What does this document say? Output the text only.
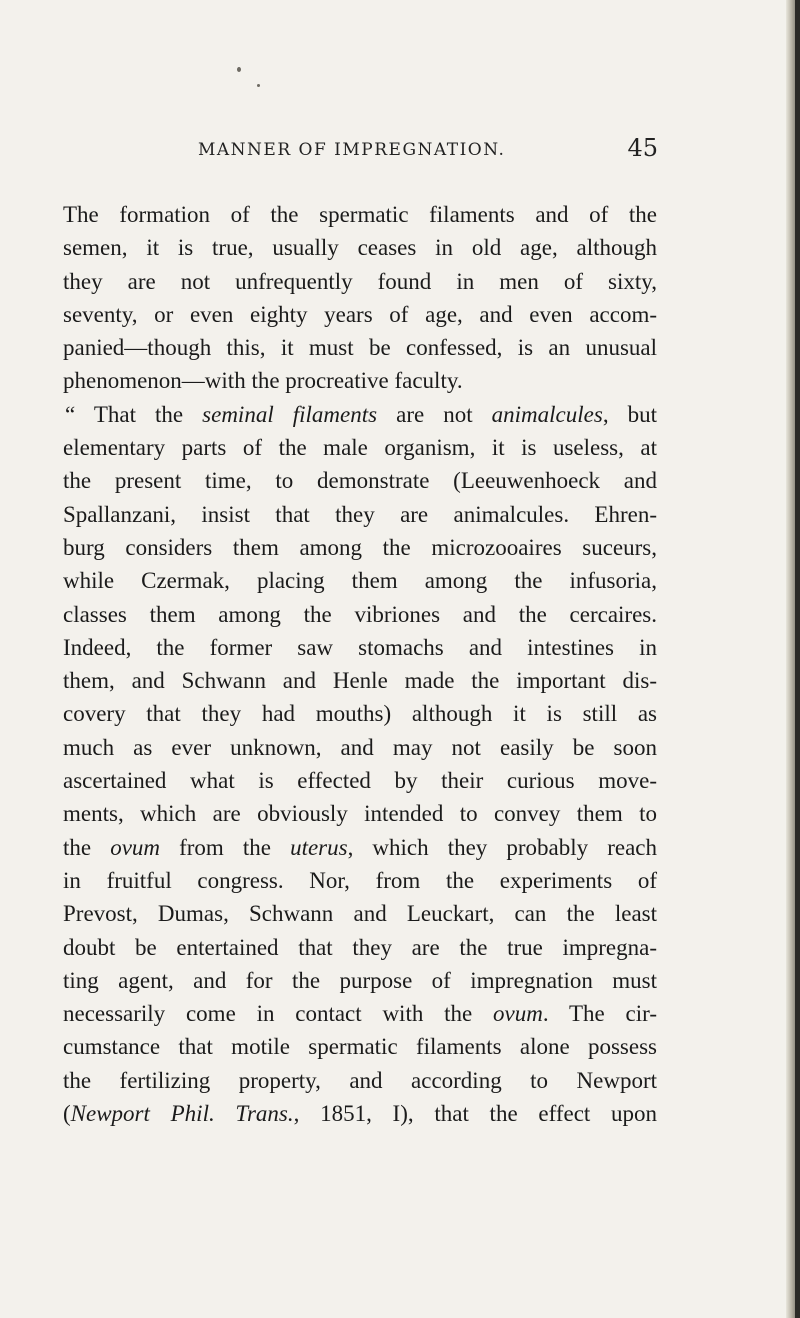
MANNER OF IMPREGNATION.	45
The formation of the spermatic filaments and of the
semen, it is true, usually ceases in old age, although
they are not unfrequently found in men of sixty,
seventy, or even eighty years of age, and even accom-
panied—though this, it must be confessed, is an unusual
phenomenon—with the procreative faculty.
“ That the seminal filaments are not animalcules, but
elementary parts of the male organism, it is useless, at
the present time, to demonstrate (Leeuwenhoeck and
Spallanzani, insist that they are animalcules. Ehren-
burg considers them among the microzooaires suceurs,
while Czermak, placing them among the infusoria,
classes them among the vibriones and the cercaires.
Indeed, the former saw stomachs and intestines in
them, and Schwann and Henle made the important dis-
covery that they had mouths) although it is still as
much as ever unknown, and may not easily be soon
ascertained what is effected by their curious move-
ments, which are obviously intended to convey them to
the ovum from the uterus, which they probably reach
in fruitful congress. Nor, from the experiments of
Prevost, Dumas, Schwann and Leuckart, can the least
doubt be entertained that they are the true impregna-
ting agent, and for the purpose of impregnation must
necessarily come in contact with the ovum. The cir-
cumstance that motile spermatic filaments alone possess
the fertilizing property, and according to Newport
(Newport Phil. Trans., 1851, I), that the effect upon
